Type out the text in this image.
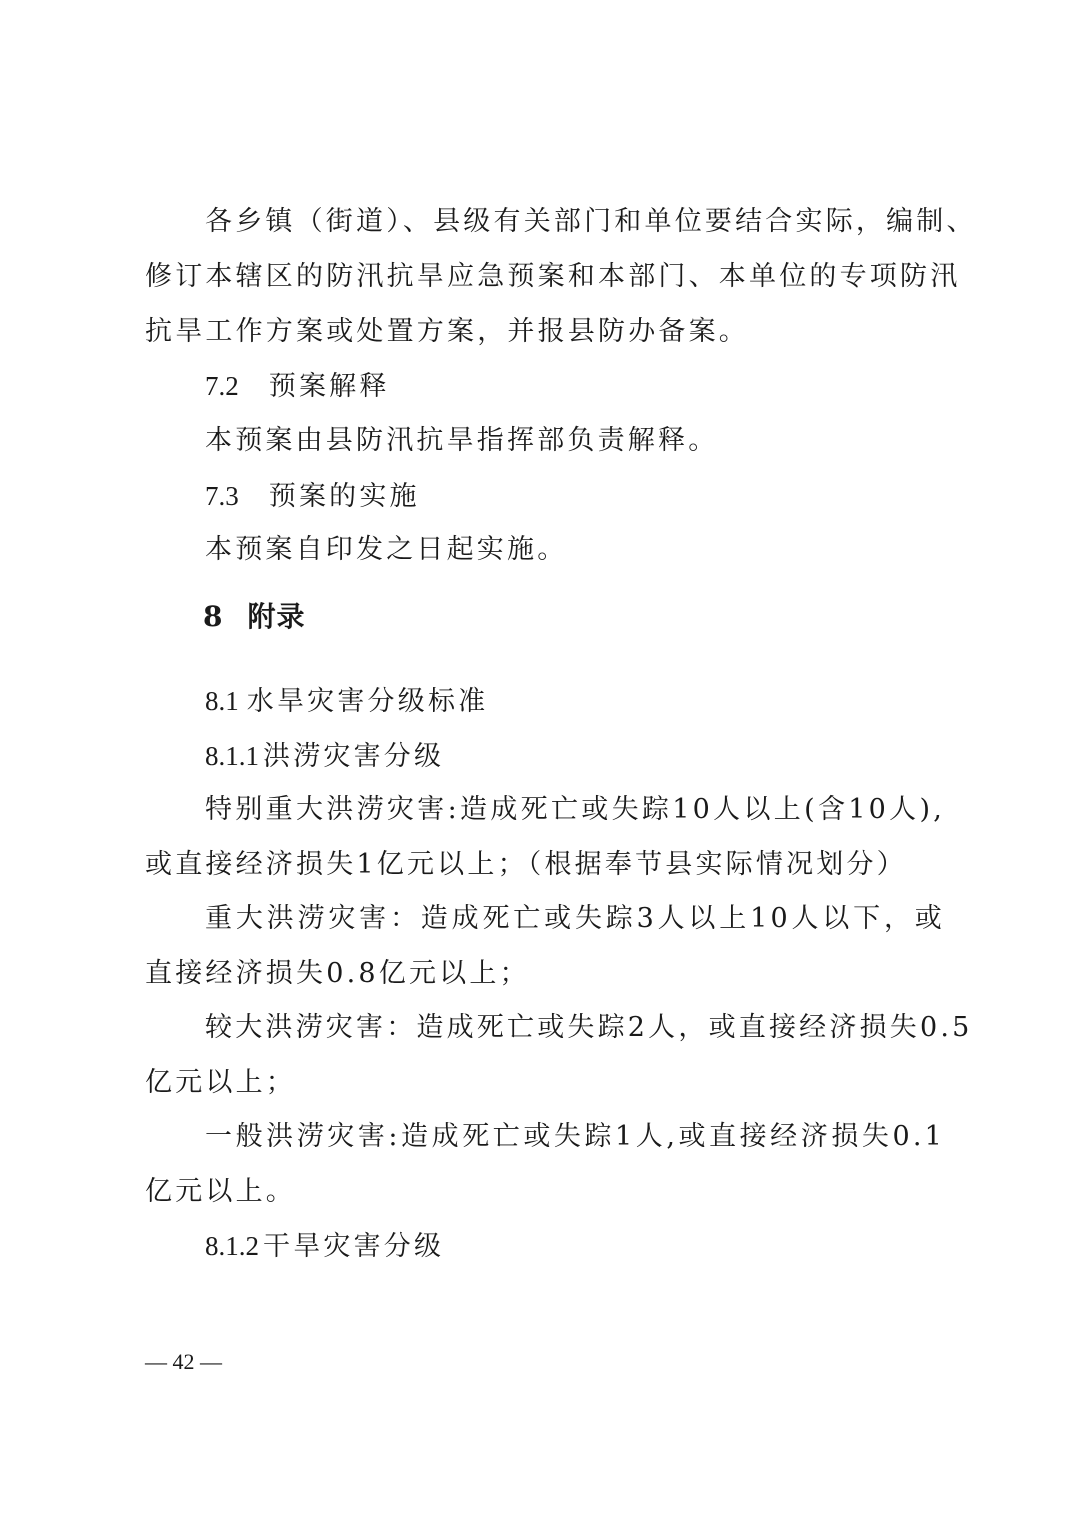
各乡镇（街道）、县级有关部门和单位要结合实际，编制、
修订本辖区的防汛抗旱应急预案和本部门、本单位的专项防汛
抗旱工作方案或处置方案，并报县防办备案。
7.2 预案解释
本预案由县防汛抗旱指挥部负责解释。
7.3 预案的实施
本预案自印发之日起实施。
8 附录
8.1 水旱灾害分级标准
8.1.1 洪涝灾害分级
特别重大洪涝灾害:造成死亡或失踪10人以上(含10人),
或直接经济损失1亿元以上；（根据奉节县实际情况划分）
重大洪涝灾害：造成死亡或失踪3人以上10人以下，或
直接经济损失0.8亿元以上；
较大洪涝灾害：造成死亡或失踪2人，或直接经济损失0.5
亿元以上；
一般洪涝灾害:造成死亡或失踪1人,或直接经济损失0.1
亿元以上。
8.1.2 干旱灾害分级
— 42 —
